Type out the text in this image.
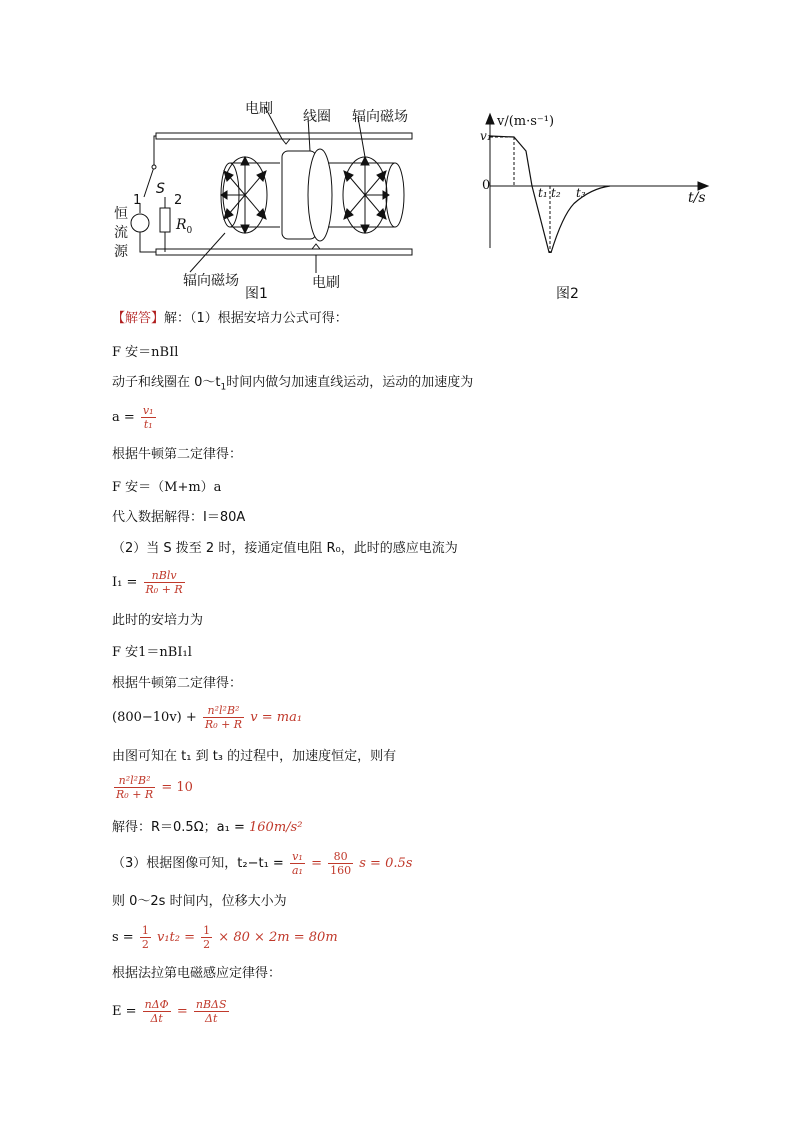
电刷 线圈 辐向磁场
S
1	2
$R_0$
恒
流
源
辐向磁场	电刷
图1
v/(m·s⁻¹)
v₁
0	t₁ t₂ t₃	t/s
图2
【解答】解：（1）根据安培力公式可得：
F 安＝nBIl
动子和线圈在 $0\sim t_1$时间内做匀加速直线运动，运动的加速度为
$a = \frac{\text{v₁}}{\text{t₁}}$
根据牛顿第二定律得：
F 安＝（M+m）a
代入数据解得：I＝80A
（2）当 S 拨至 2 时，接通定值电阻 R₀，此时的感应电流为
$I_1 = \frac{\text{nBlv}}{\text{R₀ + R}}$
此时的安培力为
F 安1＝nBI₁l
根据牛顿第二定律得：
$(800-10v) + \frac{\text{n²l²B²}}{\text{R₀ + R}}$ v = ma₁
由图可知在 t₁ 到 t₃ 的过程中，加速度恒定，则有
$\frac{\text{n²l²B²}}{\text{R₀ + R}} = 10$
解得：R＝0.5Ω；a₁ = 160m/s²
（3）根据图像可知，$t_2-t_1 = \frac{\text{v₁}}{\text{a₁}} = \frac{80}{160}$ s = 0.5s
则 0～2s 时间内，位移大小为
$s = \frac{1}{2} v_1t_2 = \frac{1}{2} \times 80 \times 2m = 80m$
根据法拉第电磁感应定律得：
$E = \frac{\text{nΔΦ}}{\Delta t} = \frac{\text{nBΔS}}{\Delta t}$
